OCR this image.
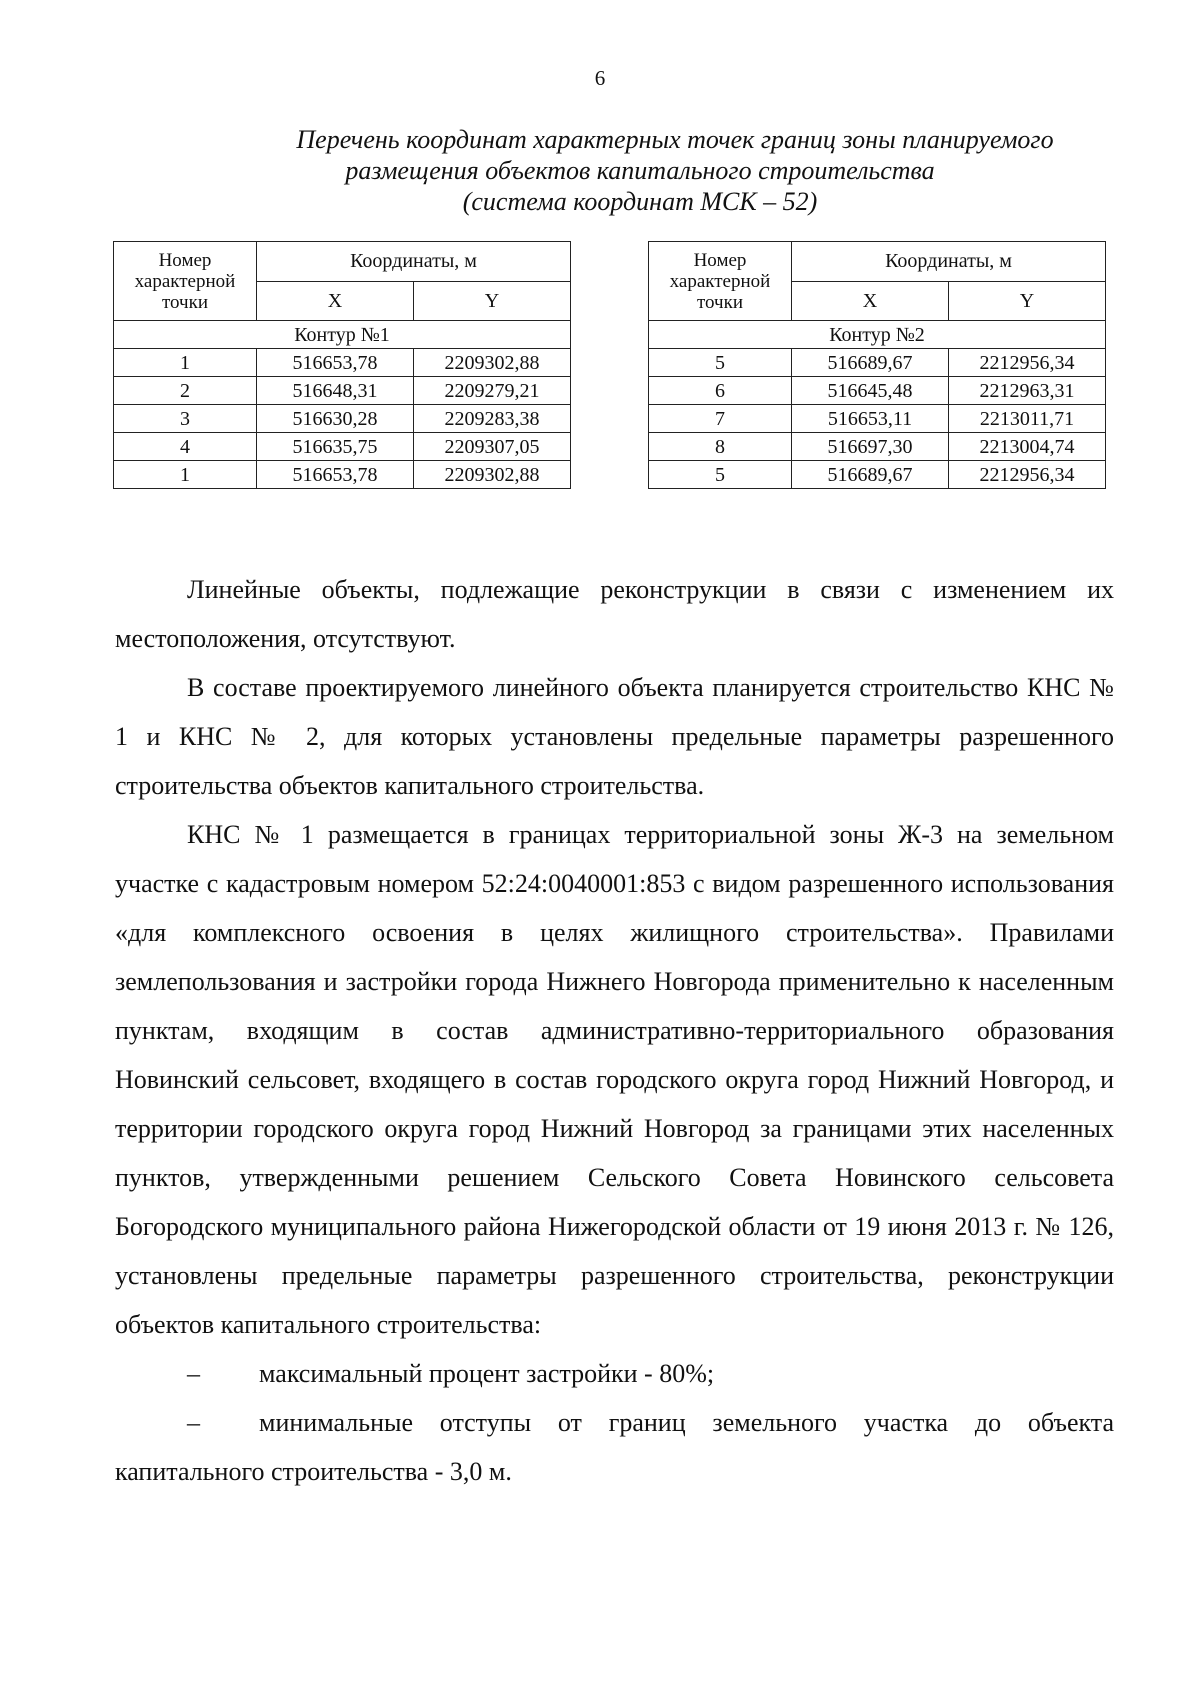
6
Перечень координат характерных точек границ зоны планируемого
размещения объектов капитального строительства
(система координат МСК – 52)
Номер характерной точки	Координаты, м	
	X	Y
Контур №1		
1	516653,78	2209302,88
2	516648,31	2209279,21
3	516630,28	2209283,38
4	516635,75	2209307,05
1	516653,78	2209302,88
Номер характерной точки	Координаты, м	
	X	Y
Контур №2		
5	516689,67	2212956,34
6	516645,48	2212963,31
7	516653,11	2213011,71
8	516697,30	2213004,74
5	516689,67	2212956,34

Линейные объекты, подлежащие реконструкции в связи с изменением их местоположения, отсутствуют.

В составе проектируемого линейного объекта планируется строительство КНС № 1 и КНС № 2, для которых установлены предельные параметры разрешенного строительства объектов капитального строительства.

КНС № 1 размещается в границах территориальной зоны Ж-3 на земельном участке с кадастровым номером 52:24:0040001:853 с видом разрешенного использования «для комплексного освоения в целях жилищного строительства». Правилами землепользования и застройки города Нижнего Новгорода применительно к населенным пунктам, входящим в состав административно-территориального образования Новинский сельсовет, входящего в состав городского округа город Нижний Новгород, и территории городского округа город Нижний Новгород за границами этих населенных пунктов, утвержденными решением Сельского Совета Новинского сельсовета Богородского муниципального района Нижегородской области от 19 июня 2013 г. № 126, установлены предельные параметры разрешенного строительства, реконструкции объектов капитального строительства:

– максимальный процент застройки - 80%;

– минимальные отступы от границ земельного участка до объекта капитального строительства - 3,0 м.
